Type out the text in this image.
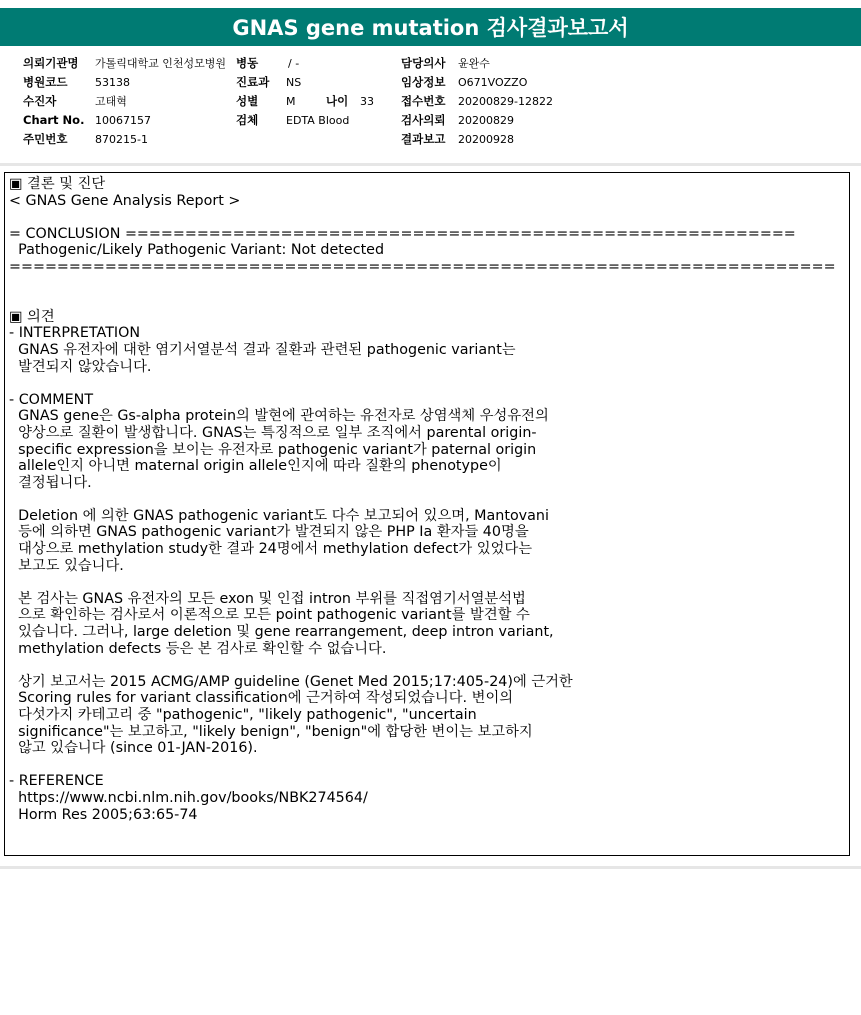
GNAS gene mutation 검사결과보고서
의뢰기관명 가톨릭대학교 인천성모병원 병동	/ -	담당의사 윤완수
병원코드	53138	진료과 NS	임상정보 O671VOZZO
수진자	고태혁	성별	M	나이 33 접수번호 20200829-12822
Chart No. 10067157	검체	EDTA Blood	검사의뢰 20200829
주민번호	870215-1	결과보고 20200928
▣ 결론 및 진단
< GNAS Gene Analysis Report >
= CONCLUSION ========================================================
Pathogenic/Likely Pathogenic Variant: Not detected
=====================================================================
▣ 의견
- INTERPRETATION
GNAS 유전자에 대한 염기서열분석 결과 질환과 관련된 pathogenic variant는
발견되지 않았습니다.
- COMMENT
GNAS gene은 Gs-alpha protein의 발현에 관여하는 유전자로 상염색체 우성유전의
양상으로 질환이 발생합니다. GNAS는 특징적으로 일부 조직에서 parental origin-
specific expression을 보이는 유전자로 pathogenic variant가 paternal origin
allele인지 아니면 maternal origin allele인지에 따라 질환의 phenotype이
결정됩니다.
Deletion 에 의한 GNAS pathogenic variant도 다수 보고되어 있으며, Mantovani
등에 의하면 GNAS pathogenic variant가 발견되지 않은 PHP Ia 환자들 40명을
대상으로 methylation study한 결과 24명에서 methylation defect가 있었다는
보고도 있습니다.
본 검사는 GNAS 유전자의 모든 exon 및 인접 intron 부위를 직접염기서열분석법
으로 확인하는 검사로서 이론적으로 모든 point pathogenic variant를 발견할 수
있습니다. 그러나, large deletion 및 gene rearrangement, deep intron variant,
methylation defects 등은 본 검사로 확인할 수 없습니다.
상기 보고서는 2015 ACMG/AMP guideline (Genet Med 2015;17:405-24)에 근거한
Scoring rules for variant classification에 근거하여 작성되었습니다. 변이의
다섯가지 카테고리 중 "pathogenic", "likely pathogenic", "uncertain
significance"는 보고하고, "likely benign", "benign"에 합당한 변이는 보고하지
않고 있습니다 (since 01-JAN-2016).
- REFERENCE
https://www.ncbi.nlm.nih.gov/books/NBK274564/
Horm Res 2005;63:65-74
